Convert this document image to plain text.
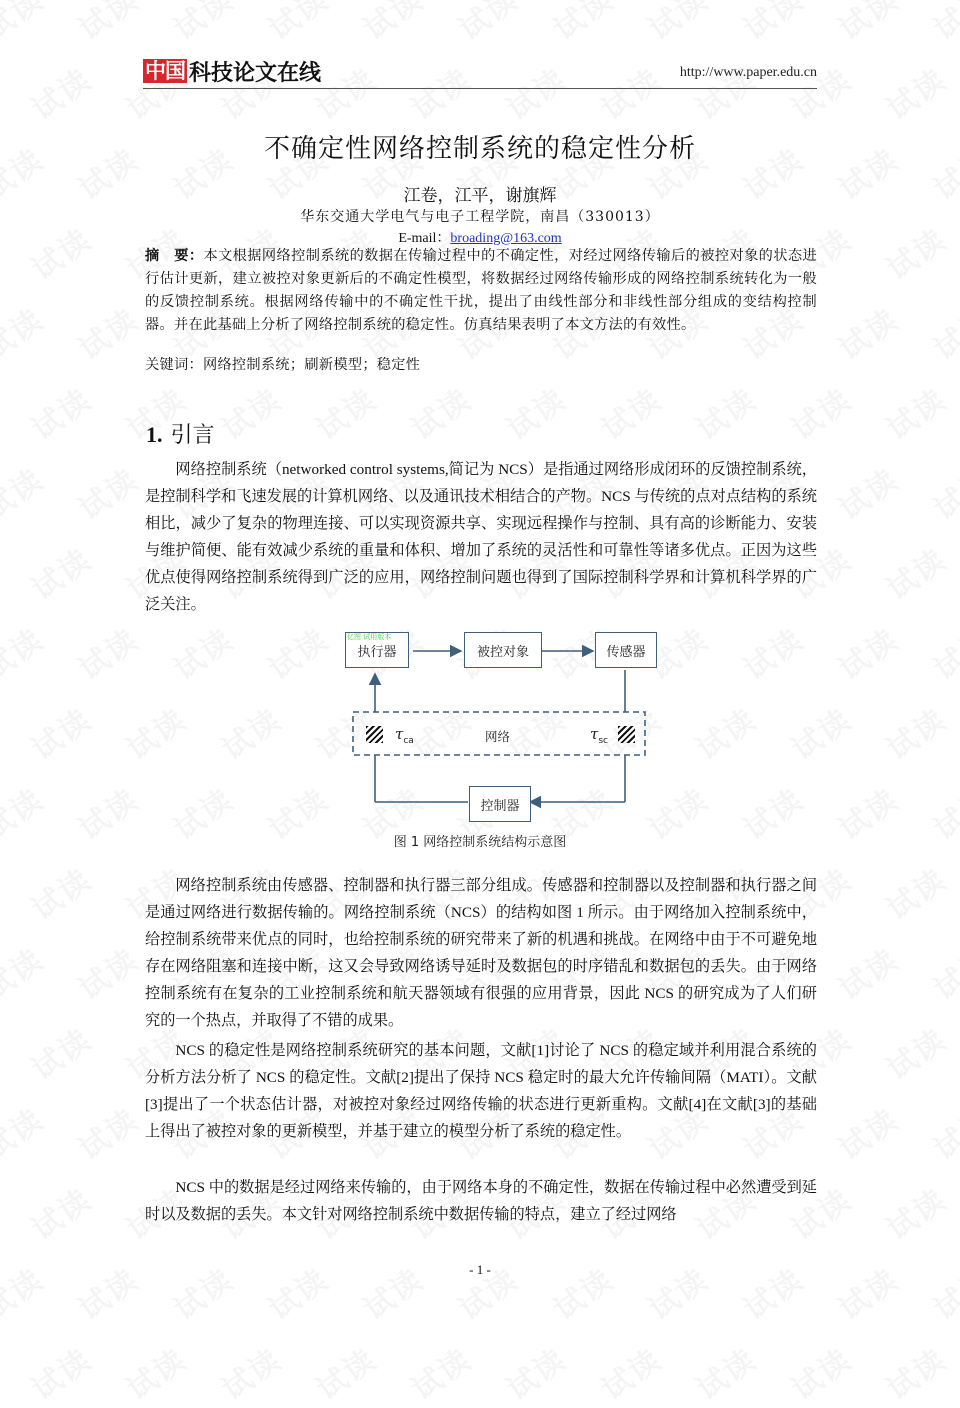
中国 科技论文在线	http://www.paper.edu.cn
不确定性网络控制系统的稳定性分析
江卷，江平，谢旗辉
华东交通大学电气与电子工程学院，南昌（330013）
E-mail：broading@163.com
摘　要：本文根据网络控制系统的数据在传输过程中的不确定性，对经过网络传输后的被控对象的状态进行估计更新，建立被控对象更新后的不确定性模型，将数据经过网络传输形成的网络控制系统转化为一般的反馈控制系统。根据网络传输中的不确定性干扰，提出了由线性部分和非线性部分组成的变结构控制器。并在此基础上分析了网络控制系统的稳定性。仿真结果表明了本文方法的有效性。
关键词：网络控制系统；刷新模型；稳定性
1. 引言
网络控制系统（networked control systems,简记为 NCS）是指通过网络形成闭环的反馈控制系统，是控制科学和飞速发展的计算机网络、以及通讯技术相结合的产物。NCS 与传统的点对点结构的系统相比，减少了复杂的物理连接、可以实现资源共享、实现远程操作与控制、具有高的诊断能力、安装与维护简便、能有效减少系统的重量和体积、增加了系统的灵活性和可靠性等诸多优点。正因为这些优点使得网络控制系统得到广泛的应用，网络控制问题也得到了国际控制科学界和计算机科学界的广泛关注。
执行器
亿图 试用版本
被控对象	传感器
$\tau_{ca}$	网络	$\tau_{sc}$
控制器
图 1 网络控制系统结构示意图
网络控制系统由传感器、控制器和执行器三部分组成。传感器和控制器以及控制器和执行器之间是通过网络进行数据传输的。网络控制系统（NCS）的结构如图 1 所示。由于网络加入控制系统中，给控制系统带来优点的同时，也给控制系统的研究带来了新的机遇和挑战。在网络中由于不可避免地存在网络阻塞和连接中断，这又会导致网络诱导延时及数据包的时序错乱和数据包的丢失。由于网络控制系统有在复杂的工业控制系统和航天器领域有很强的应用背景，因此 NCS 的研究成为了人们研究的一个热点，并取得了不错的成果。
NCS 的稳定性是网络控制系统研究的基本问题，文献[1]讨论了 NCS 的稳定域并利用混合系统的分析方法分析了 NCS 的稳定性。文献[2]提出了保持 NCS 稳定时的最大允许传输间隔（MATI）。文献[3]提出了一个状态估计器，对被控对象经过网络传输的状态进行更新重构。文献[4]在文献[3]的基础上得出了被控对象的更新模型，并基于建立的模型分析了系统的稳定性。
NCS 中的数据是经过网络来传输的，由于网络本身的不确定性，数据在传输过程中必然遭受到延时以及数据的丢失。本文针对网络控制系统中数据传输的特点，建立了经过网络
- 1 -
